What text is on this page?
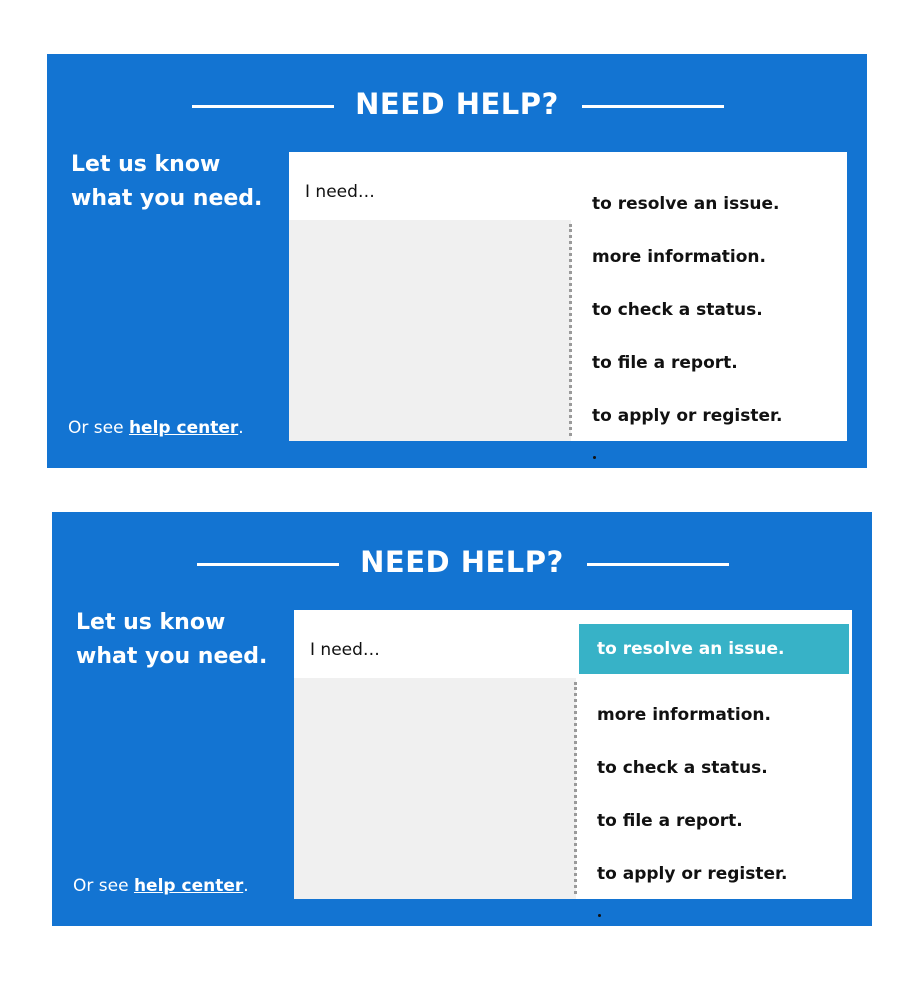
NEED HELP?
Let us know
what you need.
Or see help center.
I need…
to resolve an issue.
more information.
to check a status.
to file a report.
to apply or register.
NEED HELP?
Let us know
what you need.
Or see help center.
I need…	to resolve an issue.
more information.
to check a status.
to file a report.
to apply or register.
